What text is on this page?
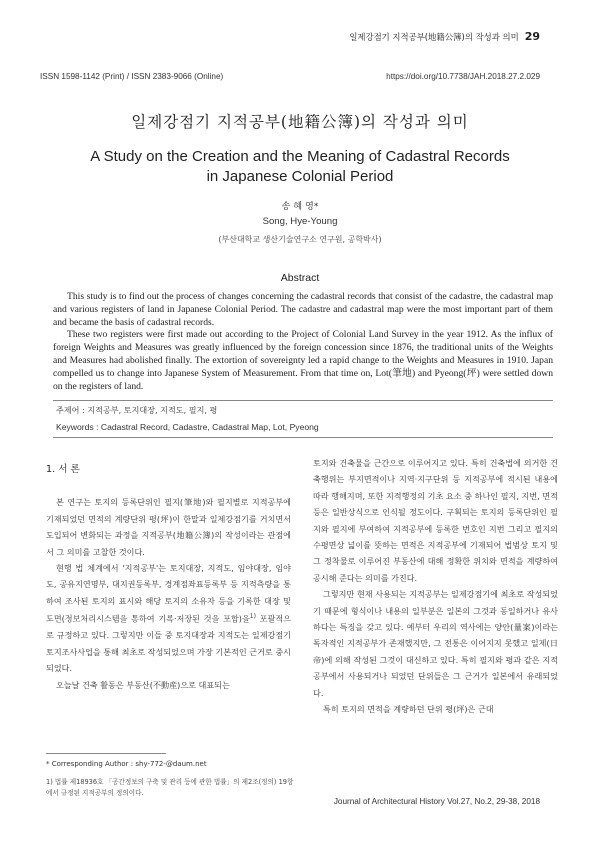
일제강점기 지적공부(地籍公簿)의 작성과 의미 29
ISSN 1598-1142 (Print) / ISSN 2383-9066 (Online)	https://doi.org/10.7738/JAH.2018.27.2.029
일제강점기 지적공부(地籍公簿)의 작성과 의미
A Study on the Creation and the Meaning of Cadastral Records
in Japanese Colonial Period
송 혜 영*
Song, Hye-Young
(부산대학교 생산기술연구소 연구원, 공학박사)
Abstract

This study is to find out the process of changes concerning the cadastral records that consist of the cadastre, the cadastral map and various registers of land in Japanese Colonial Period. The cadastre and cadastral map were the most important part of them and became the basis of cadastral records.

These two registers were first made out according to the Project of Colonial Land Survey in the year 1912. As the influx of foreign Weights and Measures was greatly influenced by the foreign concession since 1876, the traditional units of the Weights and Measures had abolished finally. The extortion of sovereignty led a rapid change to the Weights and Measures in 1910. Japan compelled us to change into Japanese System of Measurement. From that time on, Lot(筆地) and Pyeong(坪) were settled down on the registers of land.

주제어 : 지적공부, 토지대장, 지적도, 필지, 평
Keywords : Cadastral Record, Cadastre, Cadastral Map, Lot, Pyeong

1. 서 론

본 연구는 토지의 등록단위인 필지(筆地)와 필지별로 지적공부에 기재되었던 면적의 계량단위 평(坪)이 한말과 일제강점기를 거치면서 도입되어 변화되는 과정을 지적공부(地籍公簿)의 작성이라는 관점에서 그 의미를 고찰한 것이다.

현행 법 체계에서 '지적공부'는 토지대장, 지적도, 임야대장, 임야도, 공유지연명부, 대지권등록부, 경계점좌표등록부 등 지적측량을 통하여 조사된 토지의 표시와 해당 토지의 소유자 등을 기록한 대장 및 도면(정보처리시스템을 통하여 기록·저장된 것을 포함)을$^{1)}$ 포괄적으로 규정하고 있다. 그렇지만 이들 중 토지대장과 지적도는 일제강점기 토지조사사업을 통해 최초로 작성되었으며 가장 기본적인 근거로 중시되었다.

오늘날 건축 활동은 부동산(不動産)으로 대표되는

토지와 건축물을 근간으로 이루어지고 있다. 특히 건축법에 의거한 건축행위는 부지면적이나 지역·지구단위 등 지적공부에 적시된 내용에 따라 행해지며, 또한 지적행정의 기초 요소 중 하나인 필지, 지번, 면적 등은 일반상식으로 인식될 정도이다. 구획되는 토지의 등록단위인 필지와 필지에 부여하여 지적공부에 등록한 번호인 지번 그리고 필지의 수평면상 넓이를 뜻하는 면적은 지적공부에 기재되어 법범상 토지 및 그 정착물로 이루어진 부동산에 대해 정확한 위치와 면적을 계량하여 공시해 준다는 의미를 가진다.

그렇지만 현재 사용되는 지적공부는 일제강점기에 최초로 작성되었기 때문에 형식이나 내용의 일부분은 일본의 그것과 동일하거나 유사하다는 특징을 갖고 있다. 예부터 우리의 역사에는 양안(量案)이라는 독자적인 지적공부가 존재했지만, 그 전통은 이어지지 못했고 일제(日帝)에 의해 작성된 그것이 대신하고 있다. 특히 필지와 평과 같은 지적공부에서 사용되거나 되었던 단위들은 그 근거가 일본에서 유래되었다.

특히 토지의 면적을 계량하던 단위 평(坪)은 근대

* Corresponding Author : shy-772-@daum.net
1) 법률 제18936호 「공간정보의 구축 및 관리 등에 관한 법률」의 제2조(정의) 19항에서 규정된 지적공부의 정의이다.
Journal of Architectural History Vol.27, No.2, 29-38, 2018
